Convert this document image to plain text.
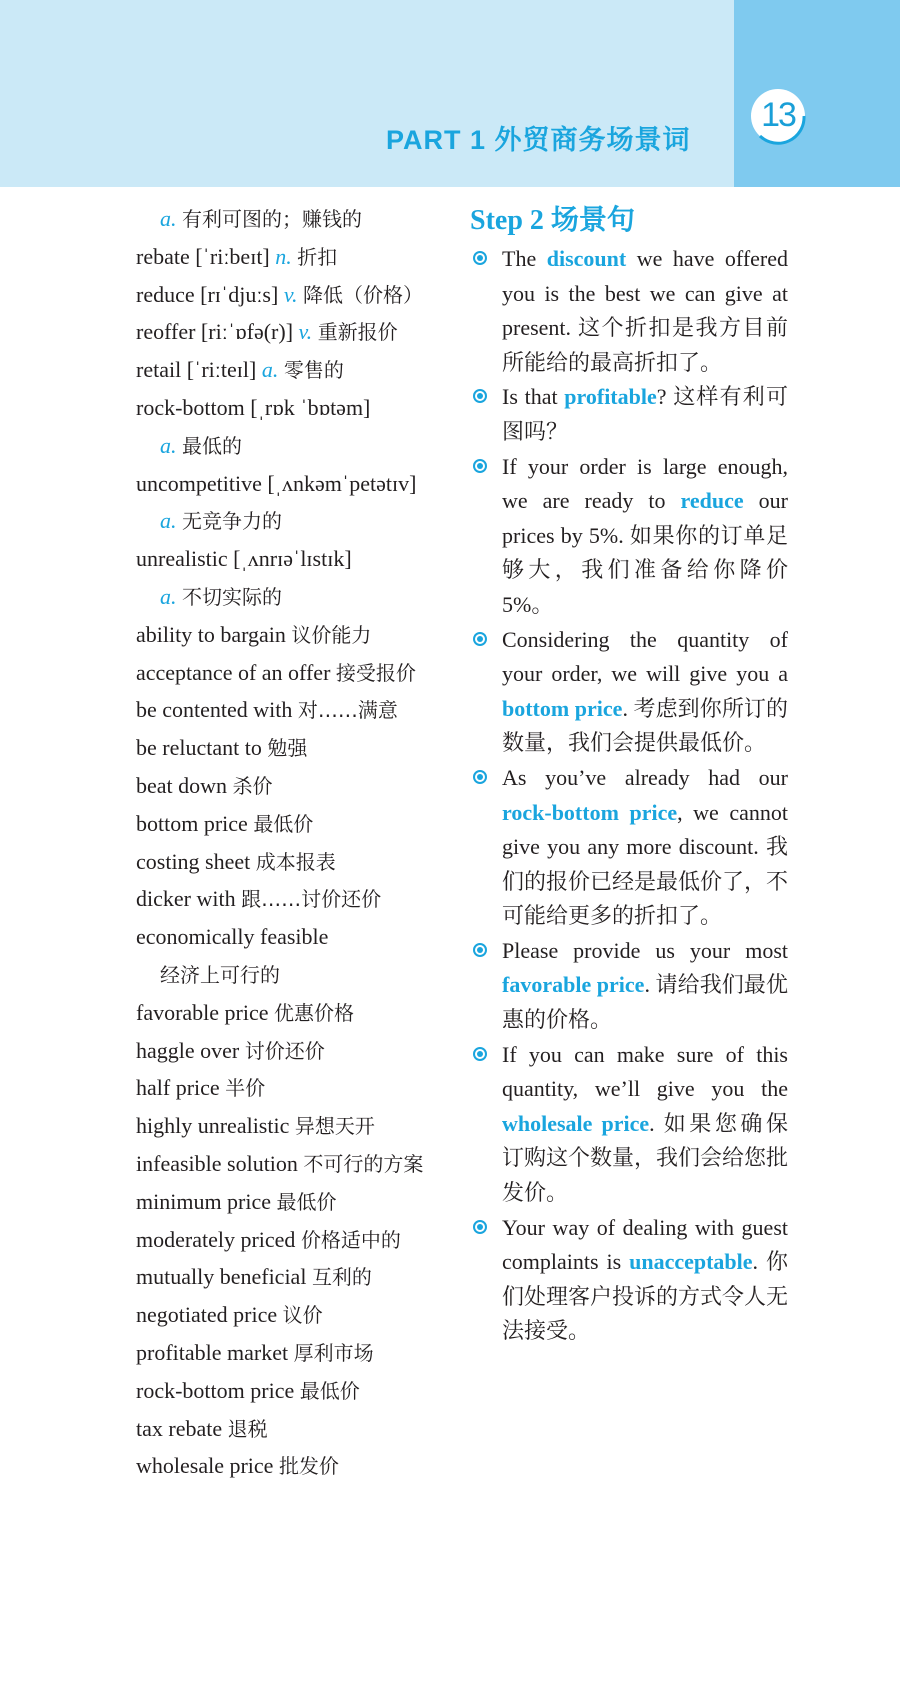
PART 1 外贸商务场景词
13
a. 有利可图的；赚钱的
rebate [ˈriːbeɪt] n. 折扣
reduce [rɪˈdjuːs] v. 降低（价格）
reoffer [riːˈɒfə(r)] v. 重新报价
retail [ˈriːteɪl] a. 零售的
rock-bottom [ˌrɒk ˈbɒtəm]
a. 最低的
uncompetitive [ˌʌnkəmˈpetətɪv]
a. 无竞争力的
unrealistic [ˌʌnrɪəˈlɪstɪk]
a. 不切实际的
ability to bargain 议价能力
acceptance of an offer 接受报价
be contented with 对……满意
be reluctant to 勉强
beat down 杀价
bottom price 最低价
costing sheet 成本报表
dicker with 跟……讨价还价
economically feasible
经济上可行的
favorable price 优惠价格
haggle over 讨价还价
half price 半价
highly unrealistic 异想天开
infeasible solution 不可行的方案
minimum price 最低价
moderately priced 价格适中的
mutually beneficial 互利的
negotiated price 议价
profitable market 厚利市场
rock-bottom price 最低价
tax rebate 退税
wholesale price 批发价
Step 2 场景句
The discount we have offered you is the best we can give at present. 这个折扣是我方目前所能给的最高折扣了。
Is that profitable? 这样有利可图吗？
If your order is large enough, we are ready to reduce our prices by 5%. 如果你的订单足够大，我们准备给你降价5%。
Considering the quantity of your order, we will give you a bottom price. 考虑到你所订的数量，我们会提供最低价。
As you’ve already had our rock-bottom price, we cannot give you any more discount. 我们的报价已经是最低价了，不可能给更多的折扣了。
Please provide us your most favorable price. 请给我们最优惠的价格。
If you can make sure of this quantity, we’ll give you the wholesale price. 如果您确保订购这个数量，我们会给您批发价。
Your way of dealing with guest complaints is unacceptable. 你们处理客户投诉的方式令人无法接受。
